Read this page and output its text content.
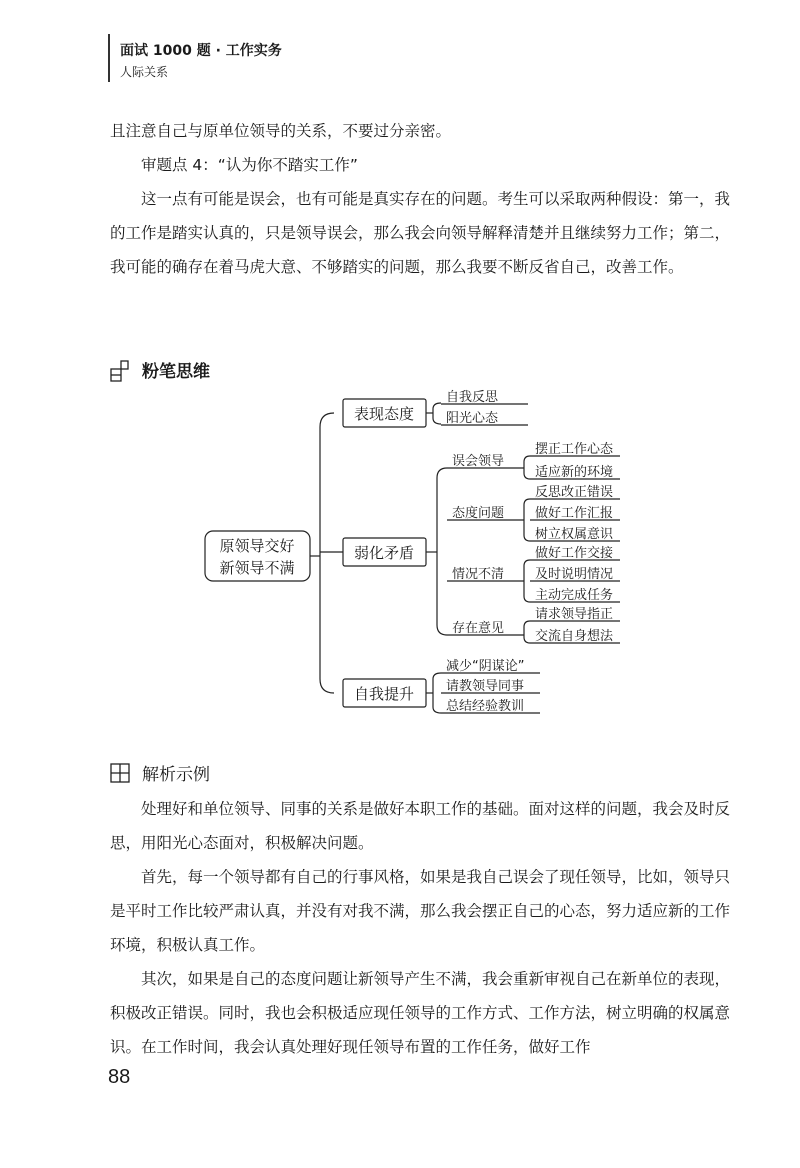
面试 1000 题 · 工作实务
人际关系

且注意自己与原单位领导的关系，不要过分亲密。

审题点 4：“认为你不踏实工作”

这一点有可能是误会，也有可能是真实存在的问题。考生可以采取两种假设：第一，我的工作是踏实认真的，只是领导误会，那么我会向领导解释清楚并且继续努力工作；第二，我可能的确存在着马虎大意、不够踏实的问题，那么我要不断反省自己，改善工作。

粉笔思维
原领导交好
新领导不满
表现态度
弱化矛盾
自我提升
自我反思
阳光心态
误会领导
态度问题
情况不清
存在意见
摆正工作心态
适应新的环境
反思改正错误
做好工作汇报
树立权属意识
做好工作交接
及时说明情况
主动完成任务
请求领导指正
交流自身想法
减少“阴谋论”
请教领导同事
总结经验教训
解析示例

处理好和单位领导、同事的关系是做好本职工作的基础。面对这样的问题，我会及时反思，用阳光心态面对，积极解决问题。

首先，每一个领导都有自己的行事风格，如果是我自己误会了现任领导，比如，领导只是平时工作比较严肃认真，并没有对我不满，那么我会摆正自己的心态，努力适应新的工作环境，积极认真工作。

其次，如果是自己的态度问题让新领导产生不满，我会重新审视自己在新单位的表现，积极改正错误。同时，我也会积极适应现任领导的工作方式、工作方法，树立明确的权属意识。在工作时间，我会认真处理好现任领导布置的工作任务，做好工作

88
